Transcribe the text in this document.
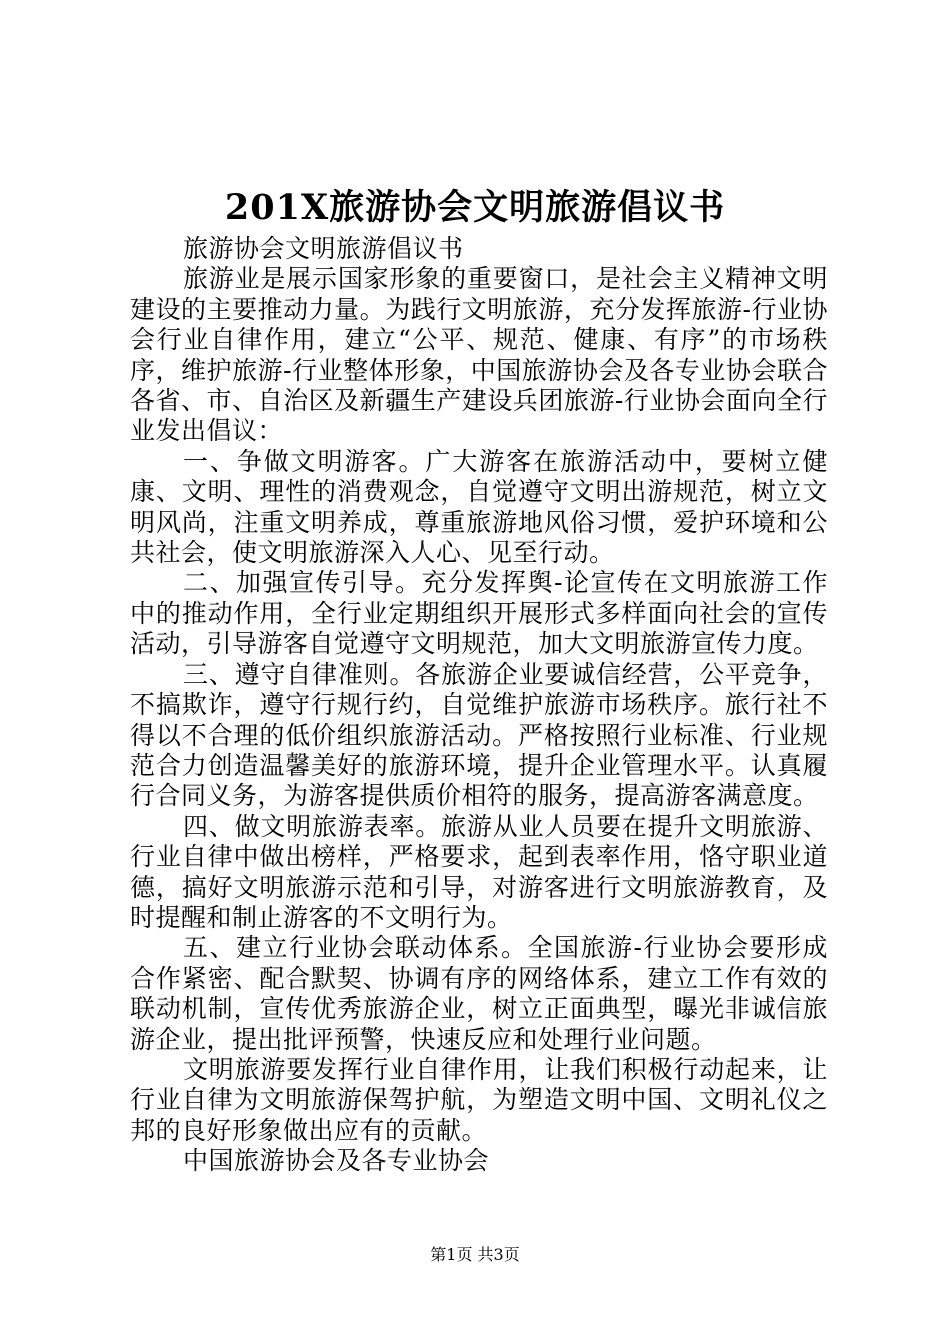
201X旅游协会文明旅游倡议书

旅游协会文明旅游倡议书

旅游业是展示国家形象的重要窗口，是社会主义精神文明建设的主要推动力量。为践行文明旅游，充分发挥旅游-行业协会行业自律作用，建立“公平、规范、健康、有序”的市场秩序，维护旅游-行业整体形象，中国旅游协会及各专业协会联合各省、市、自治区及新疆生产建设兵团旅游-行业协会面向全行业发出倡议：

一、争做文明游客。广大游客在旅游活动中，要树立健康、文明、理性的消费观念，自觉遵守文明出游规范，树立文明风尚，注重文明养成，尊重旅游地风俗习惯，爱护环境和公共社会，使文明旅游深入人心、见至行动。

二、加强宣传引导。充分发挥舆-论宣传在文明旅游工作中的推动作用，全行业定期组织开展形式多样面向社会的宣传活动，引导游客自觉遵守文明规范，加大文明旅游宣传力度。

三、遵守自律准则。各旅游企业要诚信经营，公平竞争，不搞欺诈，遵守行规行约，自觉维护旅游市场秩序。旅行社不得以不合理的低价组织旅游活动。严格按照行业标准、行业规范合力创造温馨美好的旅游环境，提升企业管理水平。认真履行合同义务，为游客提供质价相符的服务，提高游客满意度。

四、做文明旅游表率。旅游从业人员要在提升文明旅游、行业自律中做出榜样，严格要求，起到表率作用，恪守职业道德，搞好文明旅游示范和引导，对游客进行文明旅游教育，及时提醒和制止游客的不文明行为。

五、建立行业协会联动体系。全国旅游-行业协会要形成合作紧密、配合默契、协调有序的网络体系，建立工作有效的联动机制，宣传优秀旅游企业，树立正面典型，曝光非诚信旅游企业，提出批评预警，快速反应和处理行业问题。

文明旅游要发挥行业自律作用，让我们积极行动起来，让行业自律为文明旅游保驾护航，为塑造文明中国、文明礼仪之邦的良好形象做出应有的贡献。

中国旅游协会及各专业协会

第1页 共3页
